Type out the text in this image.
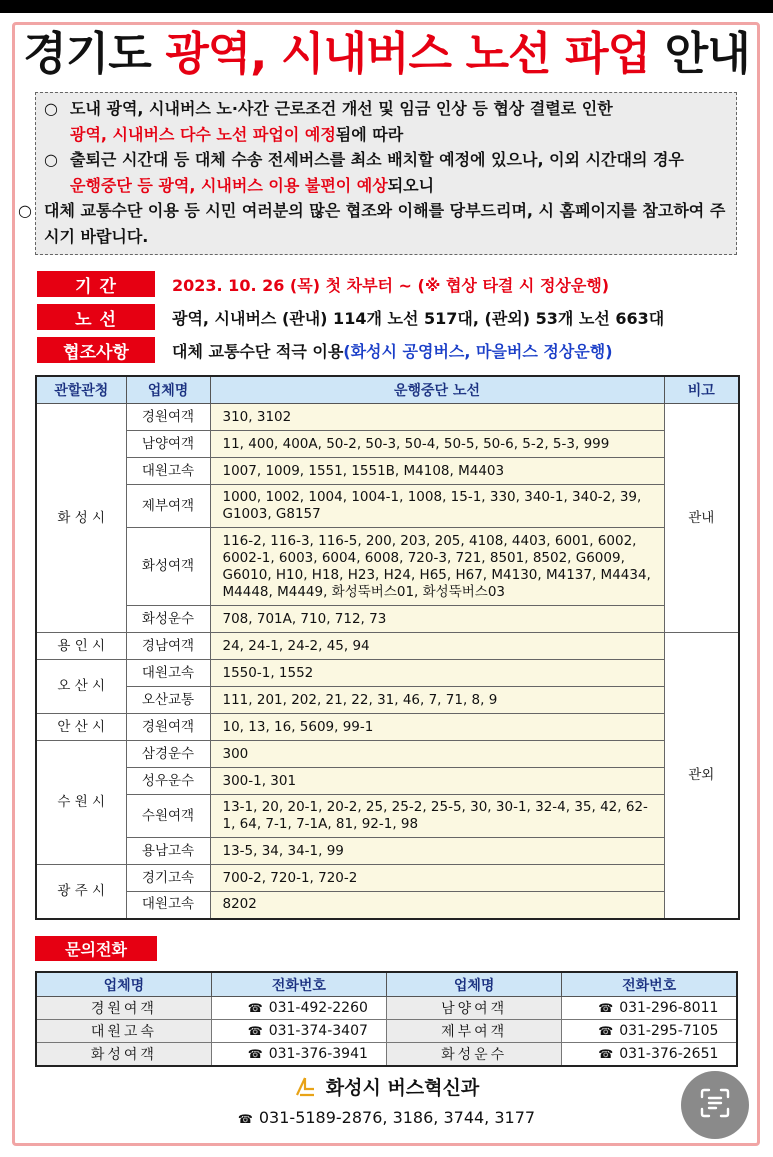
경기도 광역, 시내버스 노선 파업 안내
○ 도내 광역, 시내버스 노·사간 근로조건 개선 및 임금 인상 등 협상 결렬로 인한
광역, 시내버스 다수 노선 파업이 예정됨에 따라
○ 출퇴근 시간대 등 대체 수송 전세버스를 최소 배치할 예정에 있으나, 이외 시간대의 경우
운행중단 등 광역, 시내버스 이용 불편이 예상되오니
○ 대체 교통수단 이용 등 시민 여러분의 많은 협조와 이해를 당부드리며, 시 홈페이지를 참고하여 주시기 바랍니다.
기 간	2023. 10. 26 (목) 첫 차부터 ~ (※ 협상 타결 시 정상운행)
노 선	광역, 시내버스 (관내) 114개 노선 517대, (관외) 53개 노선 663대
협조사항	대체 교통수단 적극 이용(화성시 공영버스, 마을버스 정상운행)
관할관청	업체명	운행중단 노선	비고
화 성 시	경원여객	310, 3102	관내
	남양여객	11, 400, 400A, 50-2, 50-3, 50-4, 50-5, 50-6, 5-2, 5-3, 999	
	대원고속	1007, 1009, 1551, 1551B, M4108, M4403	
	제부여객	1000, 1002, 1004, 1004-1, 1008, 15-1, 330, 340-1, 340-2, 39, G1003, G8157	
	화성여객	116-2, 116-3, 116-5, 200, 203, 205, 4108, 4403, 6001, 6002, 6002-1, 6003, 6004, 6008, 720-3, 721, 8501, 8502, G6009, G6010, H10, H18, H23, H24, H65, H67, M4130, M4137, M4434, M4448, M4449, 화성뚝버스01, 화성뚝버스03	
	화성운수	708, 701A, 710, 712, 73	
용 인 시	경남여객	24, 24-1, 24-2, 45, 94	관외
오 산 시	대원고속	1550-1, 1552	
	오산교통	111, 201, 202, 21, 22, 31, 46, 7, 71, 8, 9	
안 산 시	경원여객	10, 13, 16, 5609, 99-1	
수 원 시	삼경운수	300	
	성우운수	300-1, 301	
	수원여객	13-1, 20, 20-1, 20-2, 25, 25-2, 25-5, 30, 30-1, 32-4, 35, 42, 62-1, 64, 7-1, 7-1A, 81, 92-1, 98	
	용남고속	13-5, 34, 34-1, 99	
광 주 시	경기고속	700-2, 720-1, 720-2	
	대원고속	8202	
문의전화
업체명	전화번호	업체명	전화번호
경원여객	☎ 031-492-2260	남양여객	☎ 031-296-8011
대원고속	☎ 031-374-3407	제부여객	☎ 031-295-7105
화성여객	☎ 031-376-3941	화성운수	☎ 031-376-2651
화성시 버스혁신과
☎ 031-5189-2876, 3186, 3744, 3177
